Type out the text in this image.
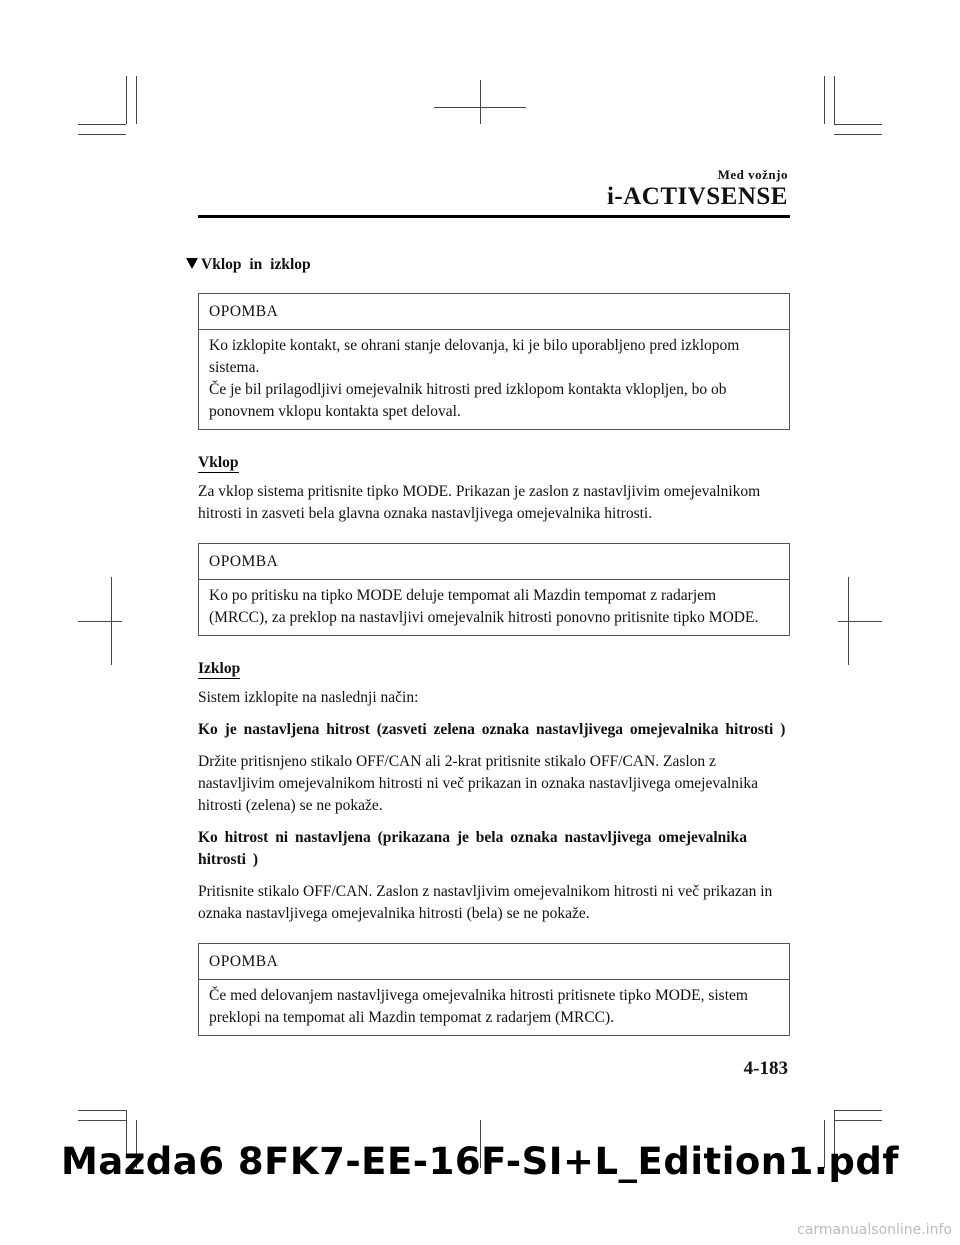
Med vožnjo
i-ACTIVSENSE
Vklop in izklop
OPOMBA
Ko izklopite kontakt, se ohrani stanje delovanja, ki je bilo uporabljeno pred izklopom
sistema.
Če je bil prilagodljivi omejevalnik hitrosti pred izklopom kontakta vklopljen, bo ob
ponovnem vklopu kontakta spet deloval.
Vklop

Za vklop sistema pritisnite tipko MODE. Prikazan je zaslon z nastavljivim omejevalnikom
hitrosti in zasveti bela glavna oznaka nastavljivega omejevalnika hitrosti.

OPOMBA
Ko po pritisku na tipko MODE deluje tempomat ali Mazdin tempomat z radarjem
(MRCC), za preklop na nastavljivi omejevalnik hitrosti ponovno pritisnite tipko MODE.
Izklop

Sistem izklopite na naslednji način:

Ko je nastavljena hitrost (zasveti zelena oznaka nastavljivega omejevalnika hitrosti )

Držite pritisnjeno stikalo OFF/CAN ali 2-krat pritisnite stikalo OFF/CAN. Zaslon z
nastavljivim omejevalnikom hitrosti ni več prikazan in oznaka nastavljivega omejevalnika
hitrosti (zelena) se ne pokaže.

Ko hitrost ni nastavljena (prikazana je bela oznaka nastavljivega omejevalnika
hitrosti )

Pritisnite stikalo OFF/CAN. Zaslon z nastavljivim omejevalnikom hitrosti ni več prikazan in
oznaka nastavljivega omejevalnika hitrosti (bela) se ne pokaže.

OPOMBA
Če med delovanjem nastavljivega omejevalnika hitrosti pritisnete tipko MODE, sistem
preklopi na tempomat ali Mazdin tempomat z radarjem (MRCC).
4-183
Mazda6 8FK7-EE-16F-SI+L_Edition1.pdf
carmanualsonline.info
